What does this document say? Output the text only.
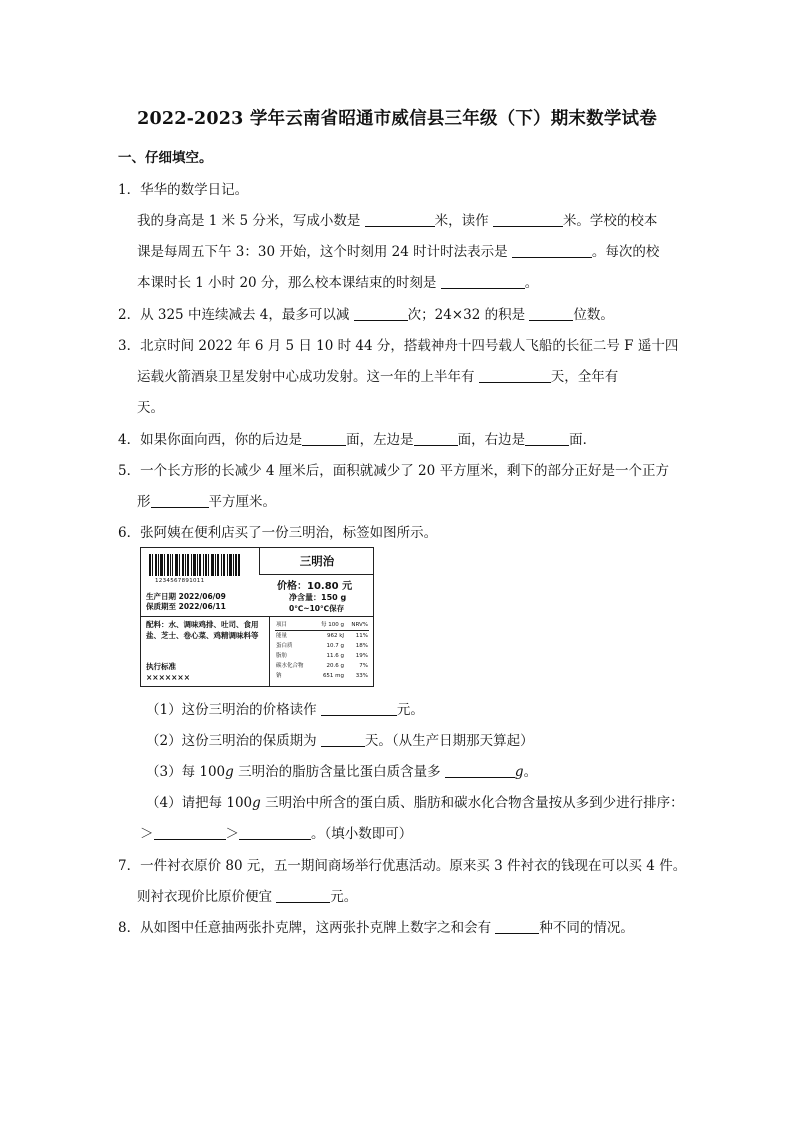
2022-2023 学年云南省昭通市威信县三年级（下）期末数学试卷
一、仔细填空。
1．华华的数学日记。
我的身高是 1 米 5 分米，写成小数是	米，读作	米。学校的校本
课是每周五下午 3：30 开始，这个时刻用 24 时计时法表示是	。每次的校
本课时长 1 小时 20 分，那么校本课结束的时刻是	。
2．从 325 中连续减去 4，最多可以减	次；24×32 的积是	位数。
3．北京时间 2022 年 6 月 5 日 10 时 44 分，搭载神舟十四号载人飞船的长征二号 F 遥十四
运载火箭酒泉卫星发射中心成功发射。这一年的上半年有	天，全年有
天。
4．如果你面向西，你的后边是	面，左边是	面，右边是	面．
5．一个长方形的长减少 4 厘米后，面积就减少了 20 平方厘米，剩下的部分正好是一个正方
形	平方厘米。
6．张阿姨在便利店买了一份三明治，标签如图所示。
1234567891011
三明治
生产日期 2022/06/09
保质期至 2022/06/11
价格：10.80 元
净含量：150 g
0℃~10℃保存
配料：水、调味鸡排、吐司、食用盐、芝士、卷心菜、鸡精调味料等
执行标准
×××××××
项目	每 100 g	NRV%
能量	962 kJ	11%
蛋白质	10.7 g	18%
脂肪	11.6 g	19%
碳水化合物	20.6 g	7%
钠	651 mg	33%
（1）这份三明治的价格读作	元。
（2）这份三明治的保质期为	天。（从生产日期那天算起）
（3）每 100g 三明治的脂肪含量比蛋白质含量多	g。
（4）请把每 100g 三明治中所含的蛋白质、脂肪和碳水化合物含量按从多到少进行排序：
＞	＞	。（填小数即可）
7．一件衬衣原价 80 元，五一期间商场举行优惠活动。原来买 3 件衬衣的钱现在可以买 4 件。
则衬衣现价比原价便宜	元。
8．从如图中任意抽两张扑克牌，这两张扑克牌上数字之和会有	种不同的情况。
